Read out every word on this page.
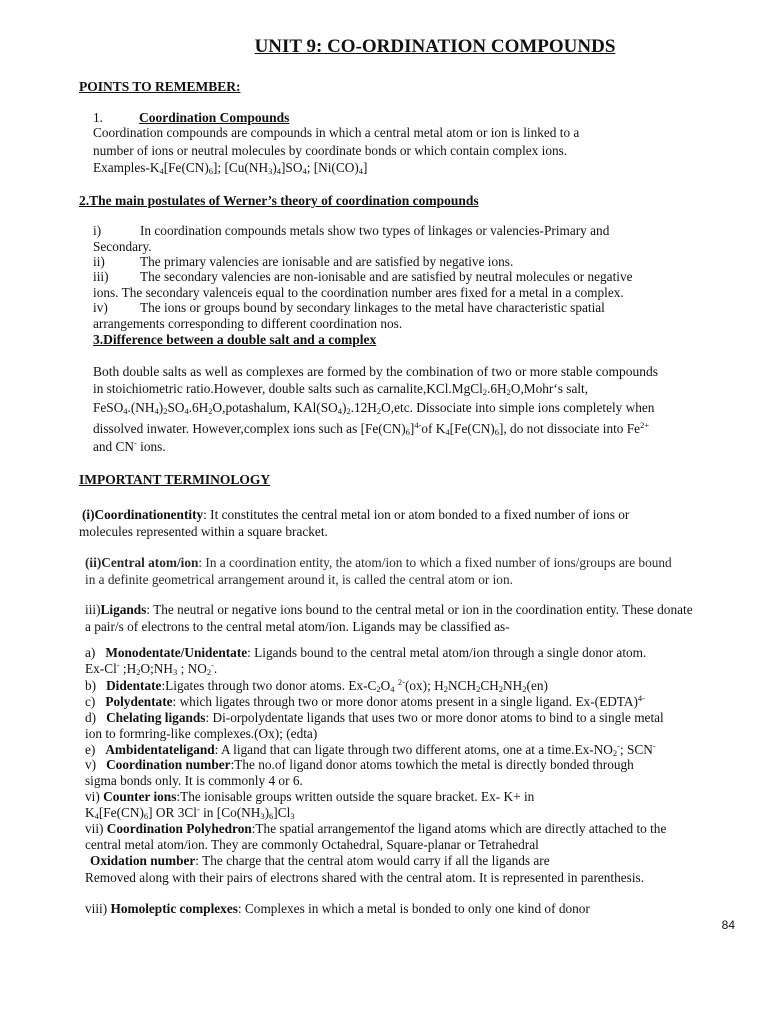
UNIT 9: CO-ORDINATION COMPOUNDS
POINTS TO REMEMBER:
1.	Coordination Compounds
Coordination compounds are compounds in which a central metal atom or ion is linked to a
number of ions or neutral molecules by coordinate bonds or which contain complex ions.
Examples-$K_4[Fe(CN)_6]$; $[Cu(NH_3)_4]SO_4$; $[Ni(CO)_4]$
2.The main postulates of Werner’s theory of coordination compounds
i)	In coordination compounds metals show two types of linkages or valencies-Primary and
Secondary.
ii)	The primary valencies are ionisable and are satisfied by negative ions.
iii) The secondary valencies are non-ionisable and are satisfied by neutral molecules or negative
ions. The secondary valenceis equal to the coordination number ares fixed for a metal in a complex.
iv) The ions or groups bound by secondary linkages to the metal have characteristic spatial
arrangements corresponding to different coordination nos.
3.Difference between a double salt and a complex
Both double salts as well as complexes are formed by the combination of two or more stable compounds
in stoichiometric ratio.However, double salts such as $carnalite,KCl.MgCl_2.6H_2O,Mohr‘s$ salt,
$FeSO_4.(NH_4)_2SO_4.6H_2O,potashalum$, $KAl(SO_4)_2.12H_2O,etc$. Dissociate into simple ions completely when
dissolved inwater. However,complex ions such as $[Fe(CN)_6]^{4-}of$ $K_4[Fe(CN)_6]$, do not dissociate into $Fe^{2+}$
and CN- ions.
IMPORTANT TERMINOLOGY
(i)Coordinationentity: It constitutes the central metal ion or atom bonded to a fixed number of ions or
molecules represented within a square bracket.
(ii)Central atom/ion: In a coordination entity, the atom/ion to which a fixed number of ions/groups are bound
in a definite geometrical arrangement around it, is called the central atom or ion.
iii)Ligands: The neutral or negative ions bound to the central metal or ion in the coordination entity. These donate
a pair/s of electrons to the central metal atom/ion. Ligands may be classified as-
a) Monodentate/Unidentate: Ligands bound to the central metal atom/ion through a single donor atom.
Ex-Cl- $;H_2O;NH_3$ ; $NO_2^-$.
b) Didentate:Ligates through two donor atoms. $Ex-C_2O_4$ $^{2-}$(ox); $H_2NCH_2CH_2NH_2(en)$
c) Polydentate: which ligates through two or more donor atoms present in a single ligand. Ex-(EDTA)$^{4-}$
d) Chelating ligands: Di-orpolydentate ligands that uses two or more donor atoms to bind to a single metal
ion to formring-like complexes.(Ox); (edta)
e) Ambidentateligand: A ligand that can ligate through two different atoms, one at a $time.Ex-NO_2^-$; SCN-
v) Coordination number:The no.of ligand donor atoms towhich the metal is directly bonded through
sigma bonds only. It is commonly 4 or 6.
vi) Counter ions:The ionisable groups written outside the square bracket. Ex- K+ in
$K_4[Fe(CN)_6]$ OR 3Cl- in $[Co(NH_3)_6]Cl_3$
vii) Coordination Polyhedron:The spatial arrangementof the ligand atoms which are directly attached to the
central metal atom/ion. They are commonly Octahedral, Square-planar or Tetrahedral
Oxidation number: The charge that the central atom would carry if all the ligands are
Removed along with their pairs of electrons shared with the central atom. It is represented in parenthesis.
viii) Homoleptic complexes: Complexes in which a metal is bonded to only one kind of donor
84
